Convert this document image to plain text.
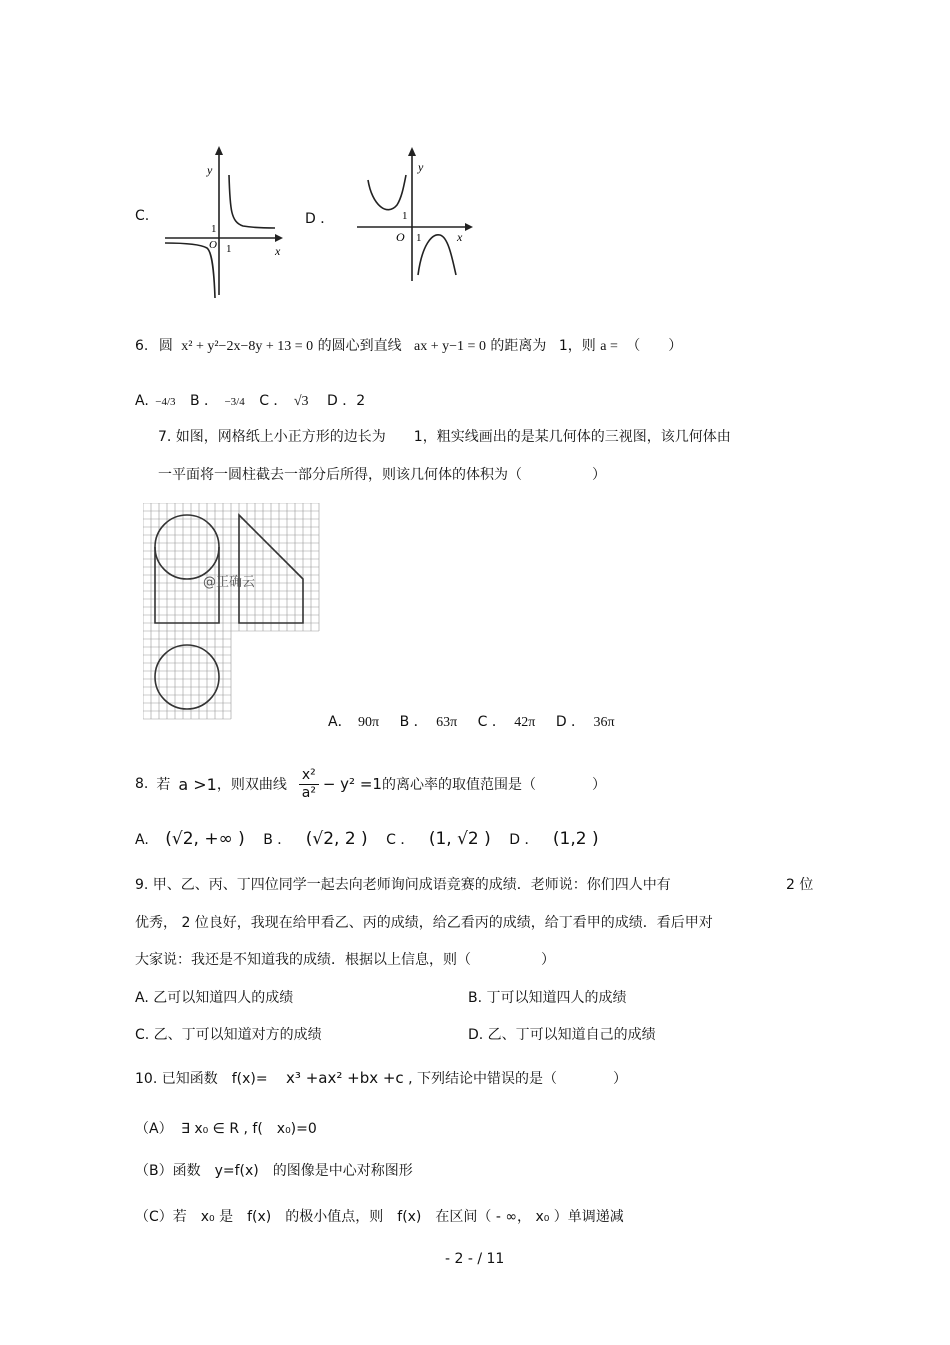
C.
y
x
1
1
O
D ．
y
x
1
1
O
6. 圆 x² + y²−2x−8y + 13 = 0 的圆心到直线 ax + y−1 = 0 的距离为 1，则 a = （　　）
A. −4/3 B ． −3/4 C ． √3 D ．2
7. 如图，网格纸上小正方形的边长为　　1，粗实线画出的是某几何体的三视图，该几何体由
一平面将一圆柱截去一部分后所得，则该几何体的体积为（　　　　　）
@正确云
A． 90π B ． 63π C ． 42π D ． 36π
8. 若 a >1 ，则双曲线
x²
a² − y² =1 的离心率的取值范围是（　　　　）
A. (√2, +∞ ) B ． (√2, 2 ) C ． (1, √2 ) D ． (1,2 )
9. 甲、乙、丙、丁四位同学一起去向老师询问成语竞赛的成绩．老师说：你们四人中有	2 位
优秀， 2 位良好，我现在给甲看乙、丙的成绩，给乙看丙的成绩，给丁看甲的成绩．看后甲对
大家说：我还是不知道我的成绩．根据以上信息，则（　　　　　）
A. 乙可以知道四人的成绩	B. 丁可以知道四人的成绩
C. 乙、丁可以知道对方的成绩	D. 乙、丁可以知道自己的成绩
10. 已知函数　f(x)= x³ +ax² +bx +c , 下列结论中错误的是（　　　　）
（A） ∃ x₀ ∈ R , f(　x₀)=0
（B）函数　y=f(x)　的图像是中心对称图形
（C）若　x₀ 是　f(x)　的极小值点，则　f(x)　在区间（ - ∞， x₀ ）单调递减
- 2 - / 11
